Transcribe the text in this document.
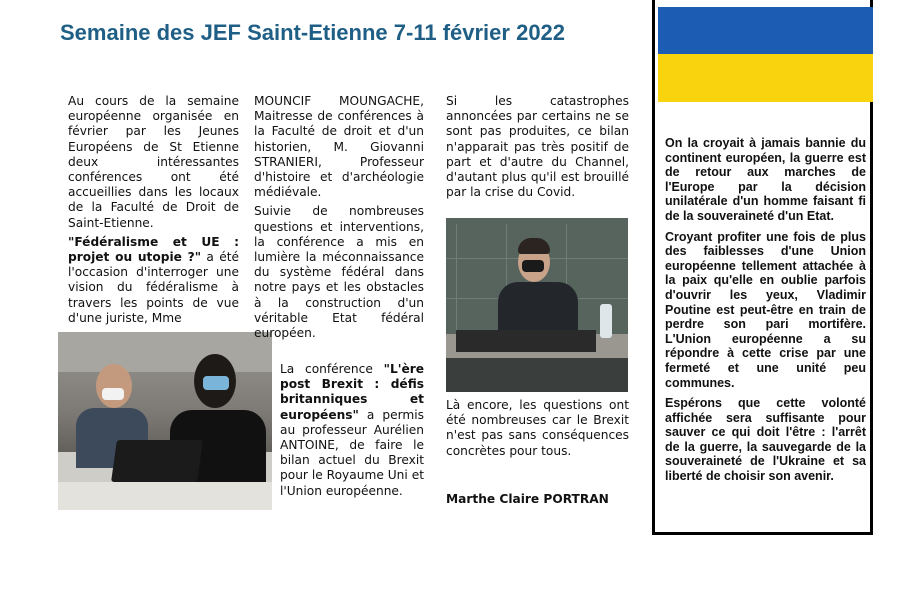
Semaine des JEF Saint-Etienne 7-11 février 2022

Au cours de la semaine européenne organisée en février par les Jeunes Européens de St Etienne deux intéressantes conférences ont été accueillies dans les locaux de la Faculté de Droit de Saint-Etienne.

"Fédéralisme et UE : projet ou utopie ?" a été l'occasion d'interroger une vision du fédéralisme à travers les points de vue d'une juriste, Mme

MOUNCIF MOUNGACHE, Maitresse de conférences à la Faculté de droit et d'un historien, M. Giovanni STRANIERI, Professeur d'histoire et d'archéologie médiévale.

Suivie de nombreuses questions et interventions, la conférence a mis en lumière la méconnaissance du système fédéral dans notre pays et les obstacles à la construction d'un véritable Etat fédéral européen.

La conférence "L'ère post Brexit : défis britanniques et européens" a permis au professeur Aurélien ANTOINE, de faire le bilan actuel du Brexit pour le Royaume Uni et l'Union européenne.

Si les catastrophes annoncées par certains ne se sont pas produites, ce bilan n'apparait pas très positif de part et d'autre du Channel, d'autant plus qu'il est brouillé par la crise du Covid.

Là encore, les questions ont été nombreuses car le Brexit n'est pas sans conséquences concrètes pour tous.

Marthe Claire PORTRAN

On la croyait à jamais bannie du continent européen, la guerre est de retour aux marches de l'Europe par la décision unilatérale d'un homme faisant fi de la souveraineté d'un Etat.

Croyant profiter une fois de plus des faiblesses d'une Union européenne tellement attachée à la paix qu'elle en oublie parfois d'ouvrir les yeux, Vladimir Poutine est peut-être en train de perdre son pari mortifère. L'Union européenne a su répondre à cette crise par une fermeté et une unité peu communes.

Espérons que cette volonté affichée sera suffisante pour sauver ce qui doit l'être : l'arrêt de la guerre, la sauvegarde de la souveraineté de l'Ukraine et sa liberté de choisir son avenir.
